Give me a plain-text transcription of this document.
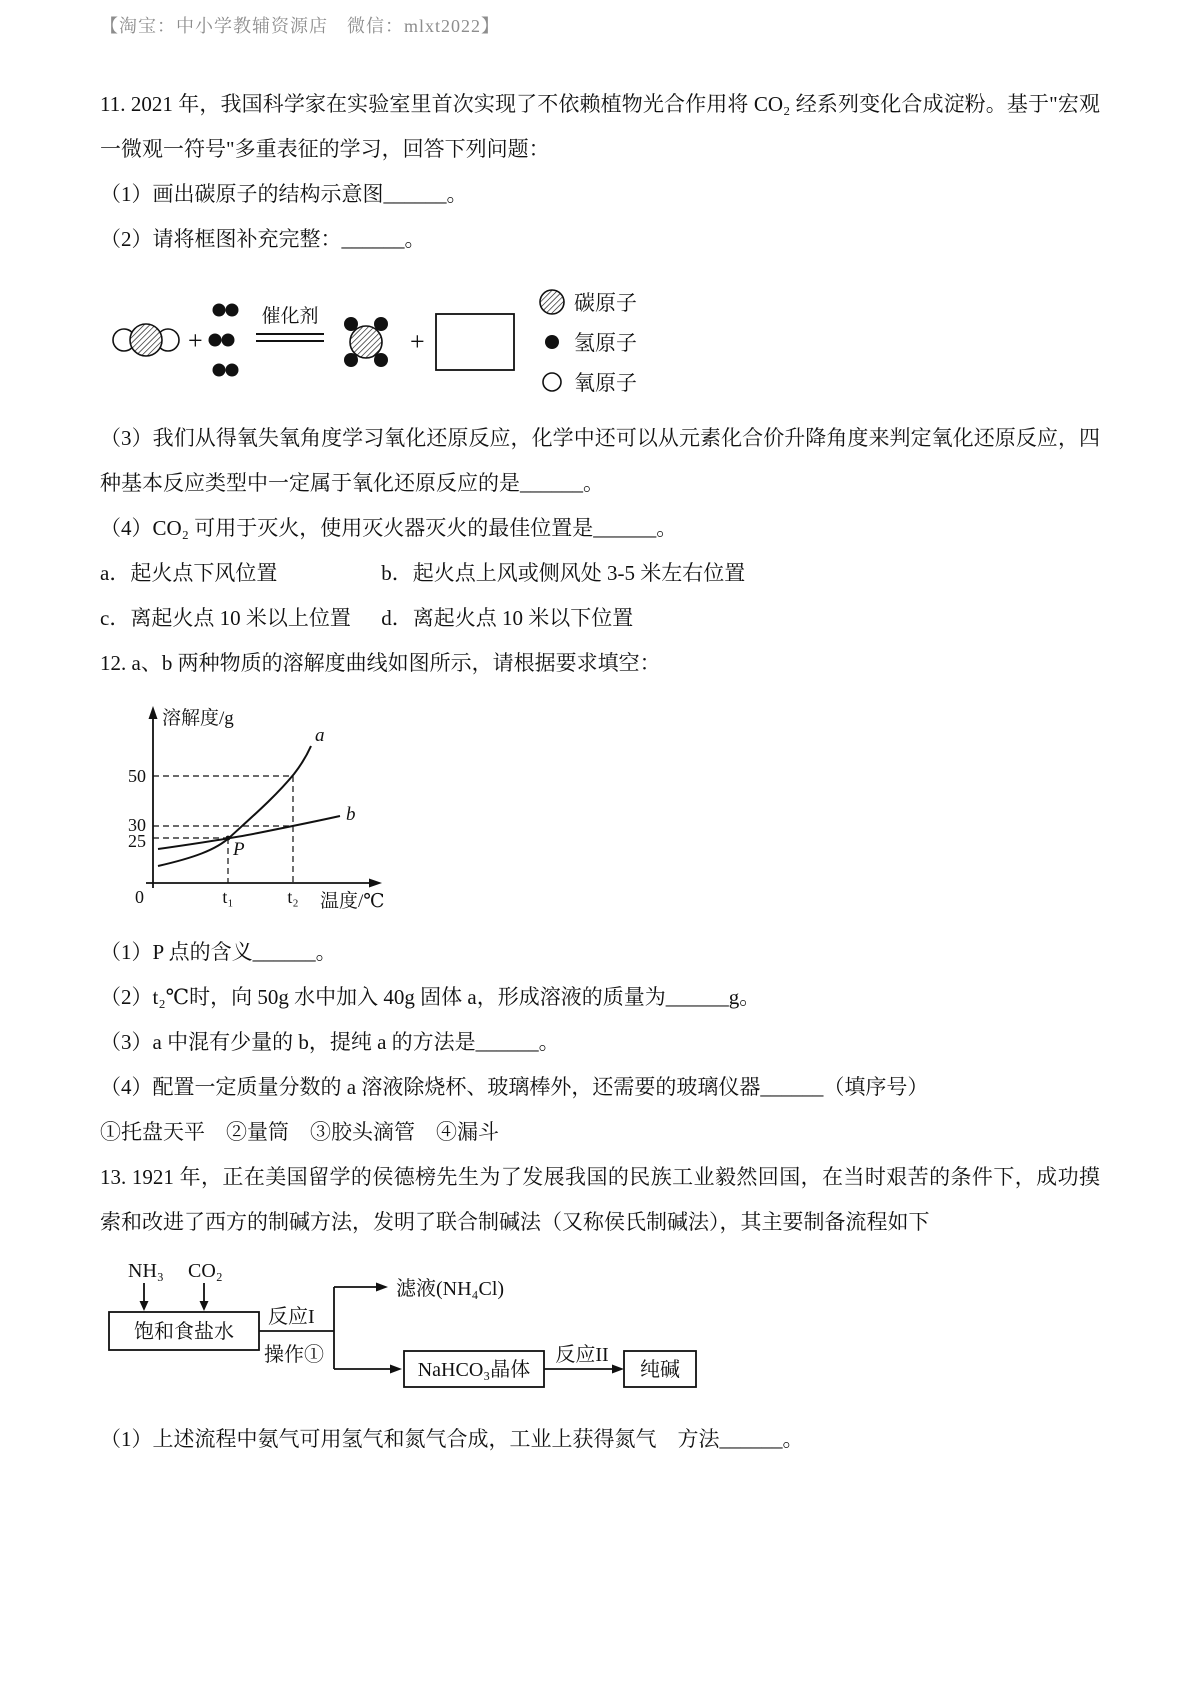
【淘宝：中小学教辅资源店　微信：mlxt2022】

11. 2021 年，我国科学家在实验室里首次实现了不依赖植物光合作用将 CO₂ 经系列变化合成淀粉。基于"宏观一微观一符号"多重表征的学习，回答下列问题：

（1）画出碳原子的结构示意图______。

（2）请将框图补充完整：______。

+
催化剂
+
碳原子
氢原子
氧原子

（3）我们从得氧失氧角度学习氧化还原反应，化学中还可以从元素化合价升降角度来判定氧化还原反应，四种基本反应类型中一定属于氧化还原反应的是______。

（4）CO₂ 可用于灭火，使用灭火器灭火的最佳位置是______。

a．起火点下风位置	b．起火点上风或侧风处 3-5 米左右位置

c．离起火点 10 米以上位置 d．离起火点 10 米以下位置

12. a、b 两种物质的溶解度曲线如图所示，请根据要求填空：

溶解度/g
温度/℃
50
30
25
0	t₁	t₂
a
b
P

（1）P 点的含义______。

（2）t₂℃时，向 50g 水中加入 40g 固体 a，形成溶液的质量为______g。

（3）a 中混有少量的 b，提纯 a 的方法是______。

（4）配置一定质量分数的 a 溶液除烧杯、玻璃棒外，还需要的玻璃仪器______（填序号）

①托盘天平　②量筒　③胶头滴管　④漏斗

13. 1921 年，正在美国留学的侯德榜先生为了发展我国的民族工业毅然回国，在当时艰苦的条件下，成功摸索和改进了西方的制碱方法，发明了联合制碱法（又称侯氏制碱法），其主要制备流程如下

NH₃ CO₂
饱和食盐水
反应I
操作①
滤液(NH₄Cl)
NaHCO₃晶体
反应II
纯碱

（1）上述流程中氨气可用氢气和氮气合成，工业上获得氮气　方法______。
